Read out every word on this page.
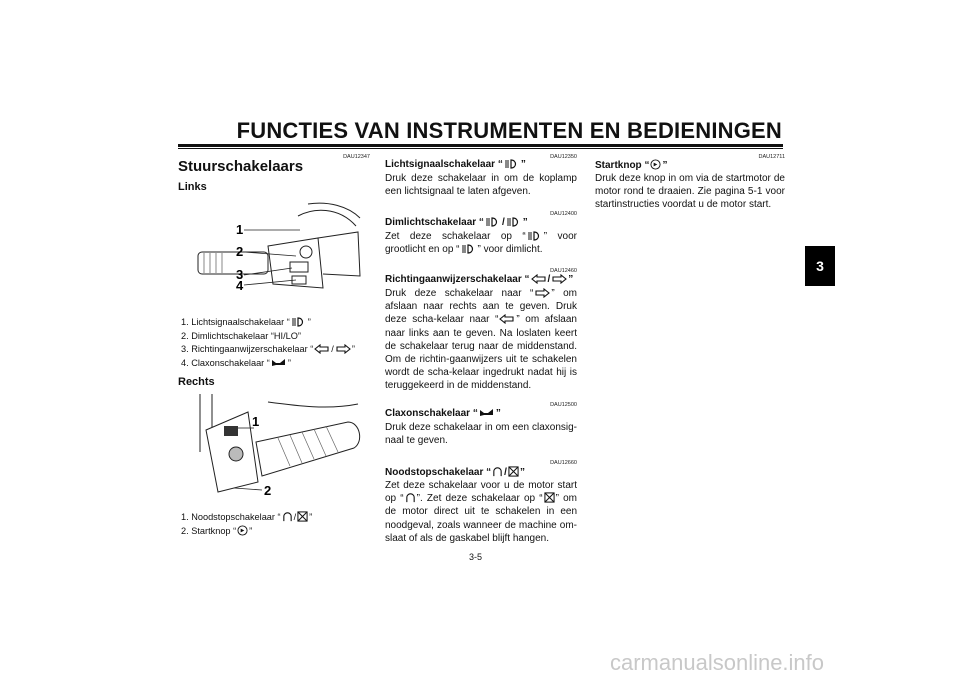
FUNCTIES VAN INSTRUMENTEN EN BEDIENINGEN
3
DAU12347
Stuurschakelaars
Links
1
2
3
4
1. Lichtsignaalschakelaar “ ”
2. Dimlichtschakelaar “HI/LO”
3. Richtingaanwijzerschakelaar “ / ”
4. Claxonschakelaar “ ”
Rechts
1
2
1. Noodstopschakelaar “ / ”
2. Startknop “ ”
DAU12350
Lichtsignaalschakelaar “ ”
Druk deze schakelaar in om de koplamp een lichtsignaal te laten afgeven.
DAU12400
Dimlichtschakelaar “ / ”
Zet deze schakelaar op “ ” voor grootlicht en op “ ” voor dimlicht.
DAU12460
Richtingaanwijzerschakelaar “ / ”
Druk deze schakelaar naar “ ” om afslaan naar rechts aan te geven. Druk deze scha-kelaar naar “ ” om afslaan naar links aan te geven. Na loslaten keert de schakelaar terug naar de middenstand. Om de richtin-gaanwijzers uit te schakelen wordt de scha-kelaar ingedrukt nadat hij is teruggekeerd in de middenstand.
DAU12500
Claxonschakelaar “ ”
Druk deze schakelaar in om een claxonsig-naal te geven.
DAU12660
Noodstopschakelaar “ / ”
Zet deze schakelaar voor u de motor start op “ ”. Zet deze schakelaar op “ ” om de motor direct uit te schakelen in een noodgeval, zoals wanneer de machine om-slaat of als de gaskabel blijft hangen.
DAU12711
Startknop “ ”
Druk deze knop in om via de startmotor de motor rond te draaien. Zie pagina 5-1 voor startinstructies voordat u de motor start.
3-5
carmanualsonline.info
